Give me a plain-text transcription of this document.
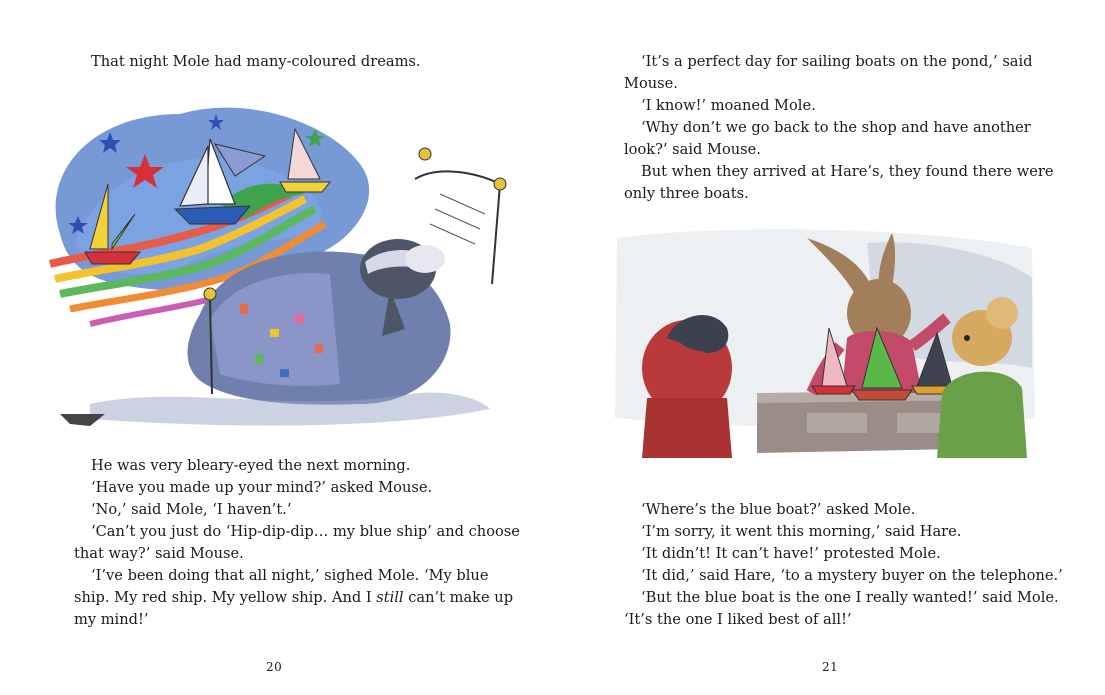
That night Mole had many-coloured dreams.

He was very bleary-eyed the next morning.

‘Have you made up your mind?’ asked Mouse.

‘No,’ said Mole, ‘I haven’t.’

‘Can’t you just do ‘Hip-dip-dip… my blue ship’ and choose

that way?’ said Mouse.

‘I’ve been doing that all night,’ sighed Mole. ‘My blue

ship. My red ship. My yellow ship. And I still can’t make up

my mind!’

20

‘It’s a perfect day for sailing boats on the pond,’ said

Mouse.

‘I know!’ moaned Mole.

‘Why don’t we go back to the shop and have another

look?’ said Mouse.

But when they arrived at Hare’s, they found there were

only three boats.

‘Where’s the blue boat?’ asked Mole.

‘I’m sorry, it went this morning,’ said Hare.

‘It didn’t! It can’t have!’ protested Mole.

‘It did,’ said Hare, ‘to a mystery buyer on the telephone.’

‘But the blue boat is the one I really wanted!’ said Mole.

‘It’s the one I liked best of all!’

21
